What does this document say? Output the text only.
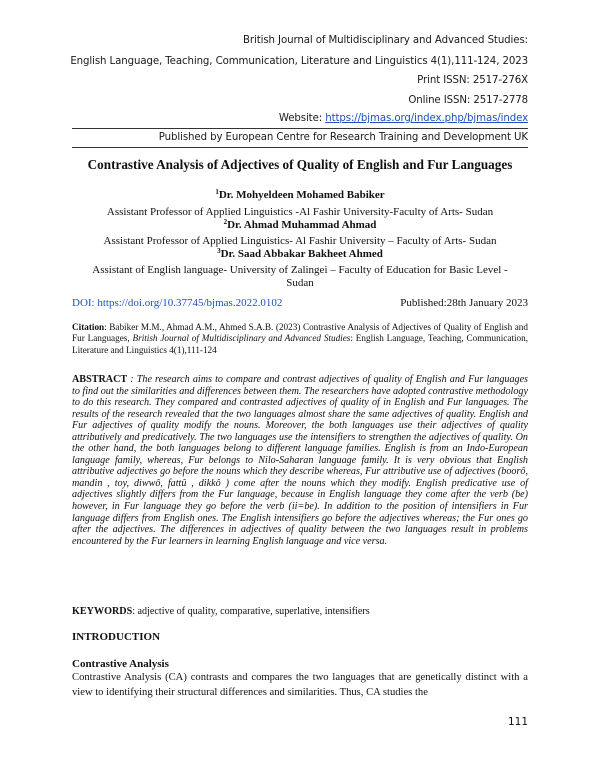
British Journal of Multidisciplinary and Advanced Studies:
English Language, Teaching, Communication, Literature and Linguistics 4(1),111-124, 2023
Print ISSN: 2517-276X
Online ISSN: 2517-2778
Website: https://bjmas.org/index.php/bjmas/index
Published by European Centre for Research Training and Development UK
Contrastive Analysis of Adjectives of Quality of English and Fur Languages
$^1$Dr. Mohyeldeen Mohamed Babiker
Assistant Professor of Applied Linguistics -Al Fashir University-Faculty of Arts- Sudan
$^2$Dr. Ahmad Muhammad Ahmad
Assistant Professor of Applied Linguistics- Al Fashir University – Faculty of Arts- Sudan
$^3$Dr. Saad Abbakar Bakheet Ahmed
Assistant of English language- University of Zalingei – Faculty of Education for Basic Level - Sudan
DOI: https://doi.org/10.37745/bjmas.2022.0102	Published:28th January 2023
Citation: Babiker M.M., Ahmad A.M., Ahmed S.A.B. (2023) Contrastive Analysis of Adjectives of Quality of English and Fur Languages, British Journal of Multidisciplinary and Advanced Studies: English Language, Teaching, Communication, Literature and Linguistics 4(1),111-124
ABSTRACT : The research aims to compare and contrast adjectives of quality of English and Fur languages to find out the similarities and differences between them. The researchers have adopted contrastive methodology to do this research. They compared and contrasted adjectives of quality of in English and Fur languages. The results of the research revealed that the two languages almost share the same adjectives of quality. English and Fur adjectives of quality modify the nouns. Moreover, the both languages use their adjectives of quality attributively and predicatively. The two languages use the intensifiers to strengthen the adjectives of quality. On the other hand, the both languages belong to different language families. English is from an Indo-European language family, whereas, Fur belongs to Nilo-Saharan language family. It is very obvious that English attributive adjectives go before the nouns which they describe whereas, Fur attributive use of adjectives (boorô, mandin , toy, diwwô, fattû , dikkô ) come after the nouns which they modify. English predicative use of adjectives slightly differs from the Fur language, because in English language they come after the verb (be) however, in Fur language they go before the verb (ii=be). In addition to the position of intensifiers in Fur language differs from English ones. The English intensifiers go before the adjectives whereas; the Fur ones go after the adjectives. The differences in adjectives of quality between the two languages result in problems encountered by the Fur learners in learning English language and vice versa.
KEYWORDS: adjective of quality, comparative, superlative, intensifiers
INTRODUCTION
Contrastive Analysis
Contrastive Analysis (CA) contrasts and compares the two languages that are genetically distinct with a view to identifying their structural differences and similarities. Thus, CA studies the
111
